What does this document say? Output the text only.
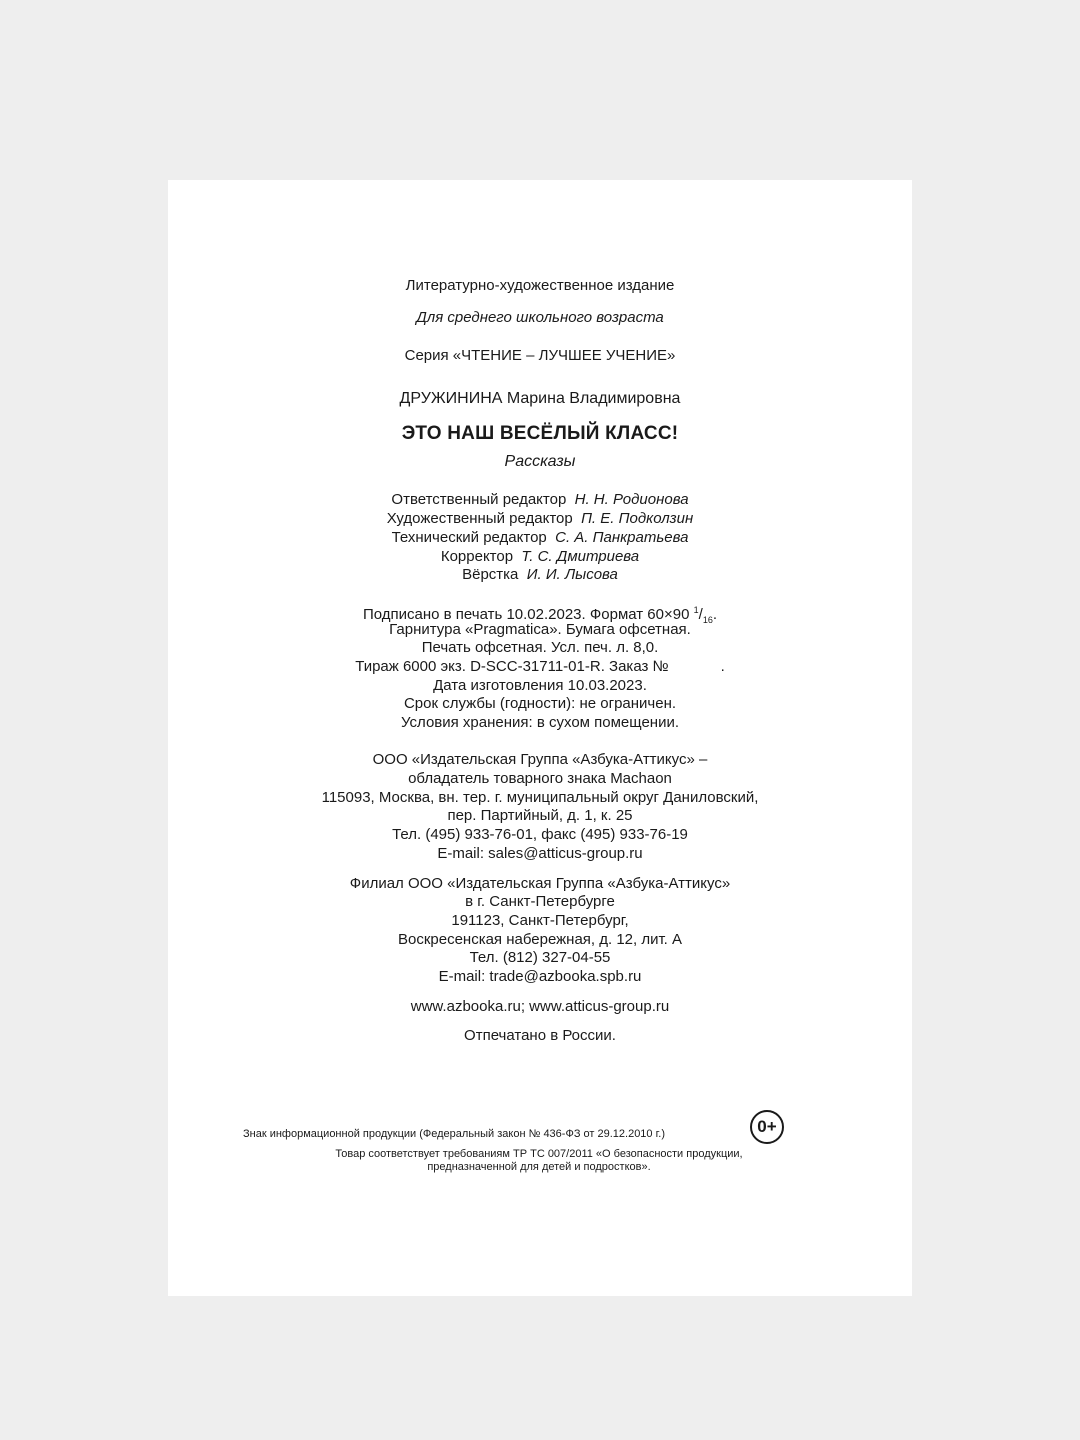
Литературно-художественное издание
Для среднего школьного возраста
Серия «ЧТЕНИЕ – ЛУЧШЕЕ УЧЕНИЕ»
ДРУЖИНИНА Марина Владимировна
ЭТО НАШ ВЕСЁЛЫЙ КЛАСС!
Рассказы
Ответственный редактор Н. Н. Родионова
Художественный редактор П. Е. Подколзин
Технический редактор С. А. Панкратьева
Корректор Т. С. Дмитриева
Вёрстка И. И. Лысова
Подписано в печать 10.02.2023. Формат 60×90 $^1/_{16}$.
Гарнитура «Pragmatica». Бумага офсетная.
Печать офсетная. Усл. печ. л. 8,0.
Тираж 6000 экз. D-SCC-31711-01-R. Заказ №	.
Дата изготовления 10.03.2023.
Срок службы (годности): не ограничен.
Условия хранения: в сухом помещении.
ООО «Издательская Группа «Азбука-Аттикус» –
обладатель товарного знака Machaon
115093, Москва, вн. тер. г. муниципальный округ Даниловский,
пер. Партийный, д. 1, к. 25
Тел. (495) 933-76-01, факс (495) 933-76-19
E-mail: sales@atticus-group.ru
Филиал ООО «Издательская Группа «Азбука-Аттикус»
в г. Санкт-Петербурге
191123, Санкт-Петербург,
Воскресенская набережная, д. 12, лит. А
Тел. (812) 327-04-55
E-mail: trade@azbooka.spb.ru
www.azbooka.ru; www.atticus-group.ru
Отпечатано в России.
Знак информационной продукции (Федеральный закон № 436-ФЗ от 29.12.2010 г.)	0+
Товар соответствует требованиям ТР ТС 007/2011 «О безопасности продукции,
предназначенной для детей и подростков».
